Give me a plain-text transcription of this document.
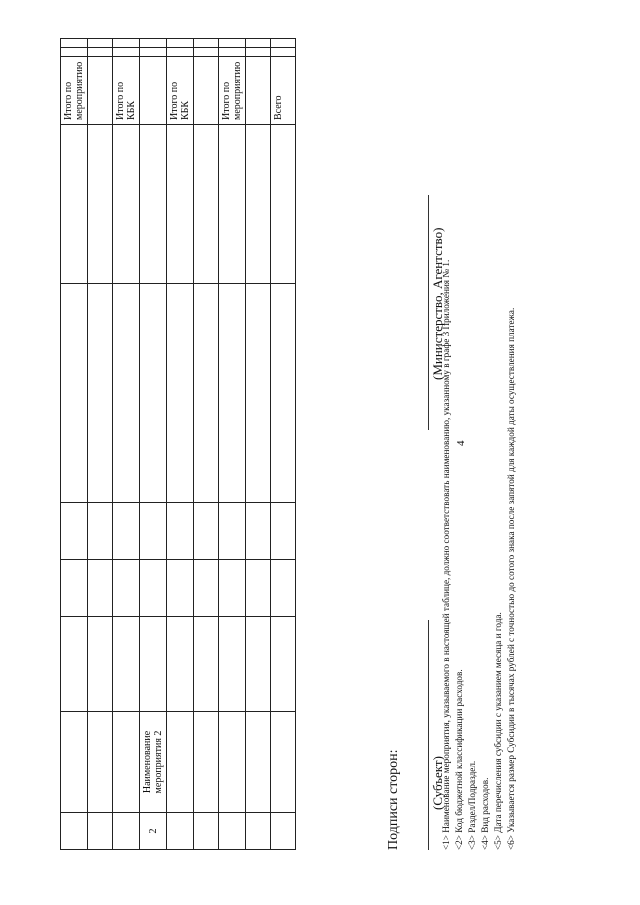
4
							Итого по мероприятию		

							Итого по КБК		
2	Наименование мероприятия 2								
							Итого по КБК		

							Итого по мероприятию		

							Всего		
Подписи сторон: (Субъект)
(Министерство, Агентство)
<1> Наименование мероприятия, указываемого в настоящей таблице, должно соответствовать наименованию, указанному в графе 3 Приложения № 1. <2> Код бюджетной классификации расходов. <3> Раздел/Подраздел. <4> Вид расходов. <5> Дата перечисления субсидии с указанием месяца и года. <6> Указывается размер Субсидии в тысячах рублей с точностью до сотого знака после запятой для каждой даты осуществления платежа.
